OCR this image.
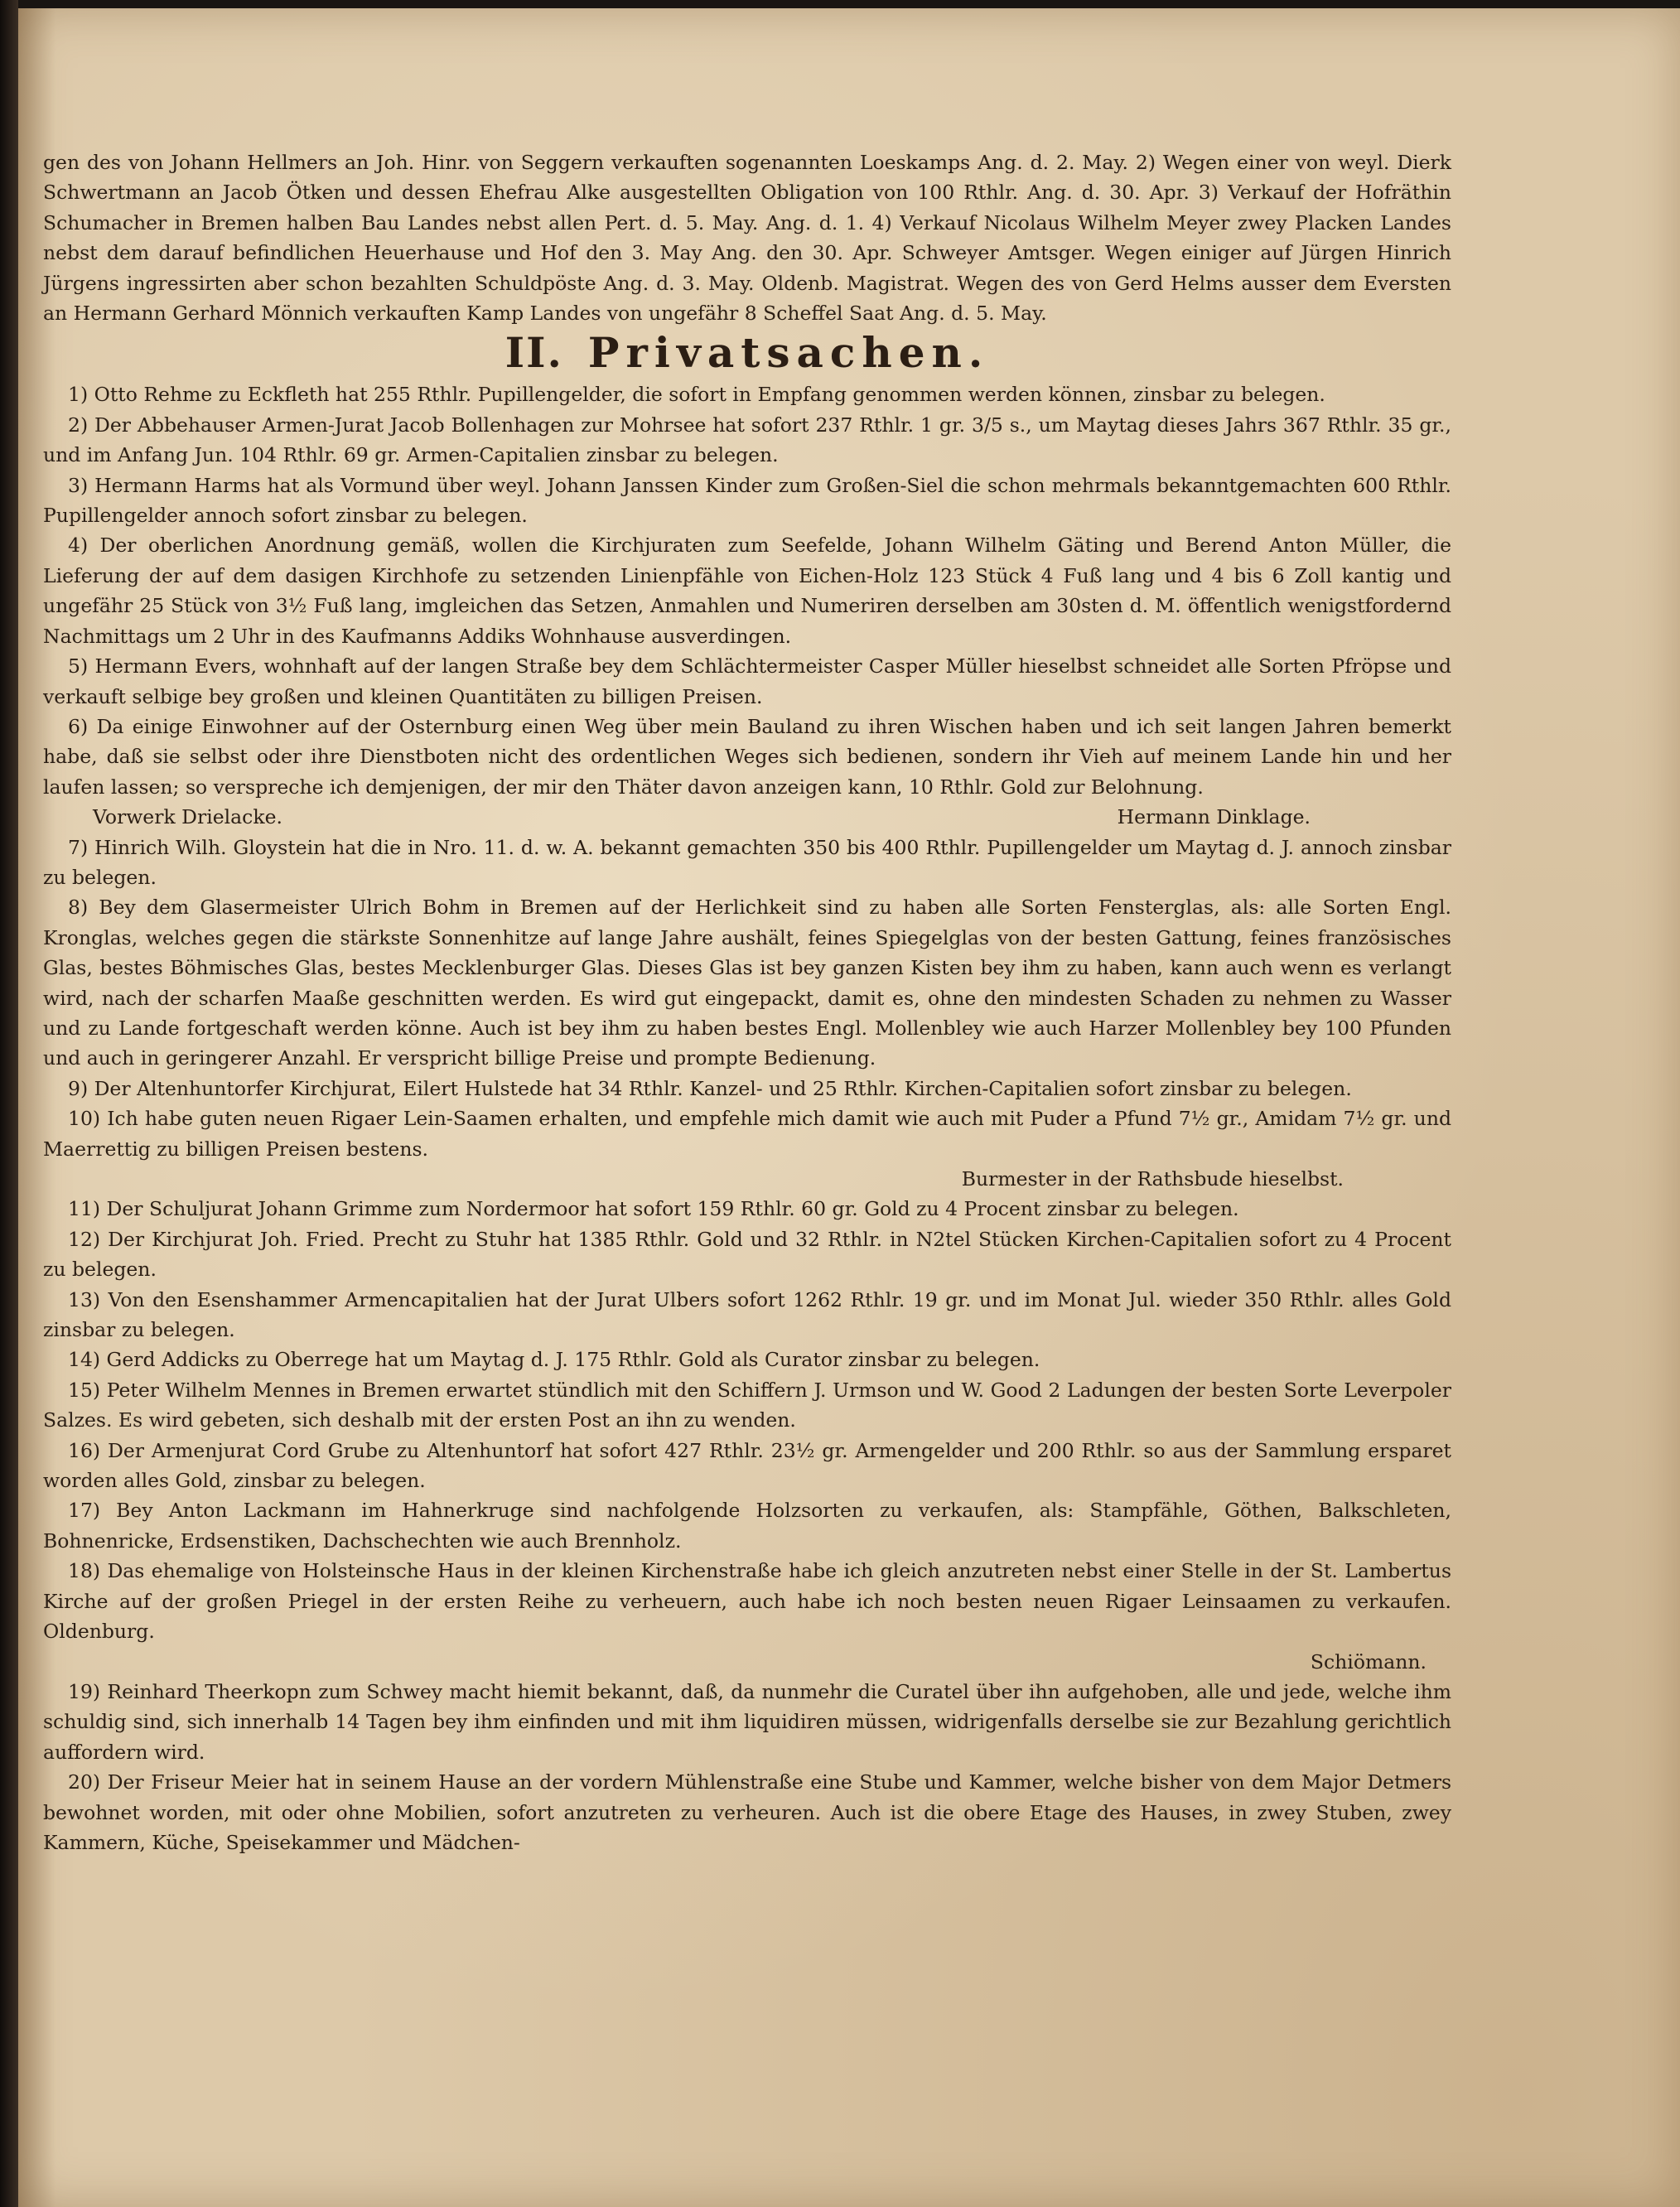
gen des von Johann Hellmers an Joh. Hinr. von Seggern verkauften sogenannten Loeskamps Ang. d. 2. May. 2) Wegen einer von weyl. Dierk Schwertmann an Jacob Ötken und dessen Ehefrau Alke ausgestellten Obligation von 100 Rthlr. Ang. d. 30. Apr. 3) Verkauf der Hofräthin Schumacher in Bremen halben Bau Landes nebst allen Pert. d. 5. May. Ang. d. 1. 4) Verkauf Nicolaus Wilhelm Meyer zwey Placken Landes nebst dem darauf befindlichen Heuerhause und Hof den 3. May Ang. den 30. Apr. Schweyer Amtsger. Wegen einiger auf Jürgen Hinrich Jürgens ingressirten aber schon bezahlten Schuldpöste Ang. d. 3. May. Oldenb. Magistrat. Wegen des von Gerd Helms ausser dem Eversten an Hermann Gerhard Mönnich verkauften Kamp Landes von ungefähr 8 Scheffel Saat Ang. d. 5. May.

II. Privatsachen.

1) Otto Rehme zu Eckfleth hat 255 Rthlr. Pupillengelder, die sofort in Empfang genommen werden können, zinsbar zu belegen.

2) Der Abbehauser Armen-Jurat Jacob Bollenhagen zur Mohrsee hat sofort 237 Rthlr. 1 gr. 3/5 s., um Maytag dieses Jahrs 367 Rthlr. 35 gr., und im Anfang Jun. 104 Rthlr. 69 gr. Armen-Capitalien zinsbar zu belegen.

3) Hermann Harms hat als Vormund über weyl. Johann Janssen Kinder zum Großen-Siel die schon mehrmals bekanntgemachten 600 Rthlr. Pupillengelder annoch sofort zinsbar zu belegen.

4) Der oberlichen Anordnung gemäß, wollen die Kirchjuraten zum Seefelde, Johann Wilhelm Gäting und Berend Anton Müller, die Lieferung der auf dem dasigen Kirchhofe zu setzenden Linienpfähle von Eichen-Holz 123 Stück 4 Fuß lang und 4 bis 6 Zoll kantig und ungefähr 25 Stück von 3½ Fuß lang, imgleichen das Setzen, Anmahlen und Numeriren derselben am 30sten d. M. öffentlich wenigstfordernd Nachmittags um 2 Uhr in des Kaufmanns Addiks Wohnhause ausverdingen.

5) Hermann Evers, wohnhaft auf der langen Straße bey dem Schlächtermeister Casper Müller hieselbst schneidet alle Sorten Pfröpse und verkauft selbige bey großen und kleinen Quantitäten zu billigen Preisen.

6) Da einige Einwohner auf der Osternburg einen Weg über mein Bauland zu ihren Wischen haben und ich seit langen Jahren bemerkt habe, daß sie selbst oder ihre Dienstboten nicht des ordentlichen Weges sich bedienen, sondern ihr Vieh auf meinem Lande hin und her laufen lassen; so verspreche ich demjenigen, der mir den Thäter davon anzeigen kann, 10 Rthlr. Gold zur Belohnung.

Vorwerk Drielacke.	Hermann Dinklage.

7) Hinrich Wilh. Gloystein hat die in Nro. 11. d. w. A. bekannt gemachten 350 bis 400 Rthlr. Pupillengelder um Maytag d. J. annoch zinsbar zu belegen.

8) Bey dem Glasermeister Ulrich Bohm in Bremen auf der Herlichkeit sind zu haben alle Sorten Fensterglas, als: alle Sorten Engl. Kronglas, welches gegen die stärkste Sonnenhitze auf lange Jahre aushält, feines Spiegelglas von der besten Gattung, feines französisches Glas, bestes Böhmisches Glas, bestes Mecklenburger Glas. Dieses Glas ist bey ganzen Kisten bey ihm zu haben, kann auch wenn es verlangt wird, nach der scharfen Maaße geschnitten werden. Es wird gut eingepackt, damit es, ohne den mindesten Schaden zu nehmen zu Wasser und zu Lande fortgeschaft werden könne. Auch ist bey ihm zu haben bestes Engl. Mollenbley wie auch Harzer Mollenbley bey 100 Pfunden und auch in geringerer Anzahl. Er verspricht billige Preise und prompte Bedienung.

9) Der Altenhuntorfer Kirchjurat, Eilert Hulstede hat 34 Rthlr. Kanzel- und 25 Rthlr. Kirchen-Capitalien sofort zinsbar zu belegen.

10) Ich habe guten neuen Rigaer Lein-Saamen erhalten, und empfehle mich damit wie auch mit Puder a Pfund 7½ gr., Amidam 7½ gr. und Maerrettig zu billigen Preisen bestens.

Burmester in der Rathsbude hieselbst.

11) Der Schuljurat Johann Grimme zum Nordermoor hat sofort 159 Rthlr. 60 gr. Gold zu 4 Procent zinsbar zu belegen.

12) Der Kirchjurat Joh. Fried. Precht zu Stuhr hat 1385 Rthlr. Gold und 32 Rthlr. in N2tel Stücken Kirchen-Capitalien sofort zu 4 Procent zu belegen.

13) Von den Esenshammer Armencapitalien hat der Jurat Ulbers sofort 1262 Rthlr. 19 gr. und im Monat Jul. wieder 350 Rthlr. alles Gold zinsbar zu belegen.

14) Gerd Addicks zu Oberrege hat um Maytag d. J. 175 Rthlr. Gold als Curator zinsbar zu belegen.

15) Peter Wilhelm Mennes in Bremen erwartet stündlich mit den Schiffern J. Urmson und W. Good 2 Ladungen der besten Sorte Leverpoler Salzes. Es wird gebeten, sich deshalb mit der ersten Post an ihn zu wenden.

16) Der Armenjurat Cord Grube zu Altenhuntorf hat sofort 427 Rthlr. 23½ gr. Armengelder und 200 Rthlr. so aus der Sammlung ersparet worden alles Gold, zinsbar zu belegen.

17) Bey Anton Lackmann im Hahnerkruge sind nachfolgende Holzsorten zu verkaufen, als: Stampfähle, Göthen, Balkschleten, Bohnenricke, Erdsenstiken, Dachschechten wie auch Brennholz.

18) Das ehemalige von Holsteinsche Haus in der kleinen Kirchenstraße habe ich gleich anzutreten nebst einer Stelle in der St. Lambertus Kirche auf der großen Priegel in der ersten Reihe zu verheuern, auch habe ich noch besten neuen Rigaer Leinsaamen zu verkaufen. Oldenburg.

Schiömann.

19) Reinhard Theerkopn zum Schwey macht hiemit bekannt, daß, da nunmehr die Curatel über ihn aufgehoben, alle und jede, welche ihm schuldig sind, sich innerhalb 14 Tagen bey ihm einfinden und mit ihm liquidiren müssen, widrigenfalls derselbe sie zur Bezahlung gerichtlich auffordern wird.

20) Der Friseur Meier hat in seinem Hause an der vordern Mühlenstraße eine Stube und Kammer, welche bisher von dem Major Detmers bewohnet worden, mit oder ohne Mobilien, sofort anzutreten zu verheuren. Auch ist die obere Etage des Hauses, in zwey Stuben, zwey Kammern, Küche, Speisekammer und Mädchen-
